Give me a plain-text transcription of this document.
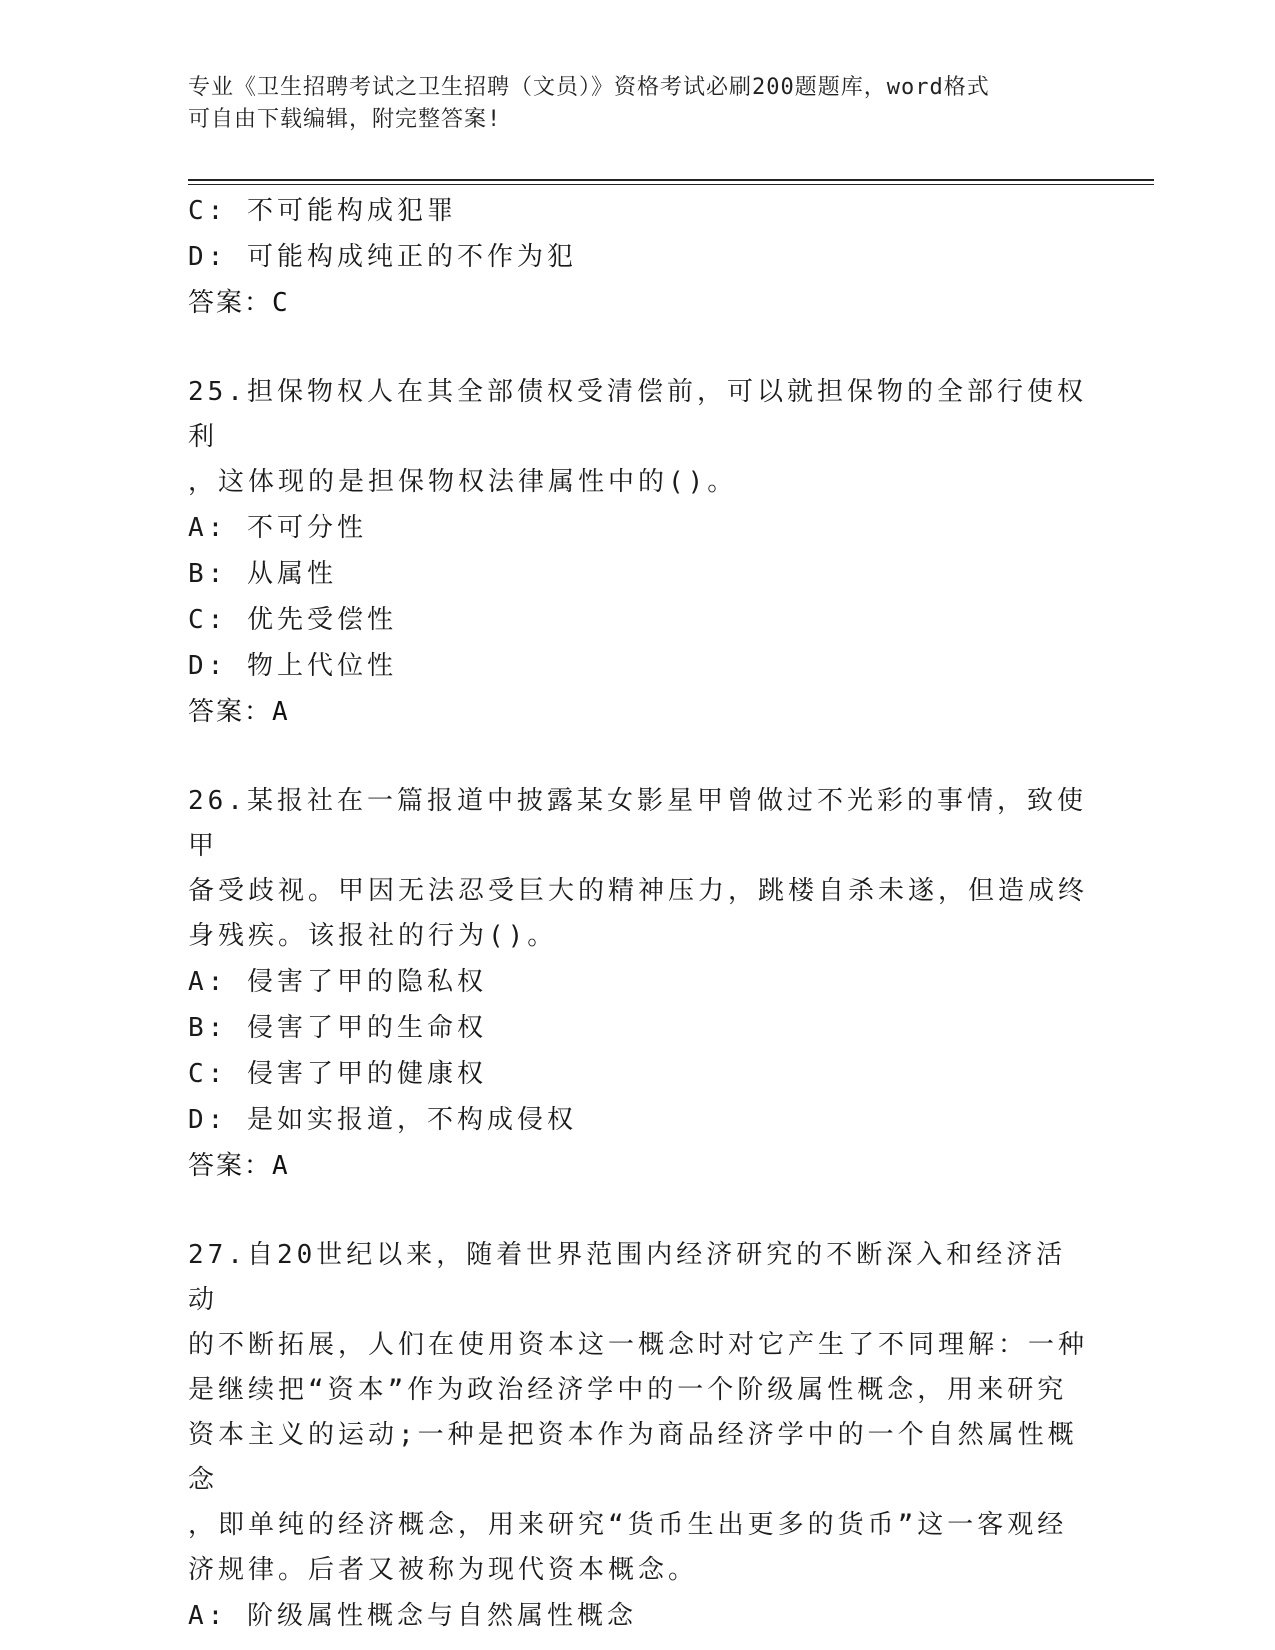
专业《卫生招聘考试之卫生招聘（文员）》资格考试必刷200题题库，word格式
可自由下载编辑，附完整答案!
C: 不可能构成犯罪
D: 可能构成纯正的不作为犯
答案：C
25.担保物权人在其全部债权受清偿前，可以就担保物的全部行使权利
，这体现的是担保物权法律属性中的()。
A: 不可分性
B: 从属性
C: 优先受偿性
D: 物上代位性
答案：A
26.某报社在一篇报道中披露某女影星甲曾做过不光彩的事情，致使甲
备受歧视。甲因无法忍受巨大的精神压力，跳楼自杀未遂，但造成终
身残疾。该报社的行为()。
A: 侵害了甲的隐私权
B: 侵害了甲的生命权
C: 侵害了甲的健康权
D: 是如实报道，不构成侵权
答案：A
27.自20世纪以来，随着世界范围内经济研究的不断深入和经济活动
的不断拓展，人们在使用资本这一概念时对它产生了不同理解：一种
是继续把“资本”作为政治经济学中的一个阶级属性概念，用来研究
资本主义的运动;一种是把资本作为商品经济学中的一个自然属性概念
，即单纯的经济概念，用来研究“货币生出更多的货币”这一客观经
济规律。后者又被称为现代资本概念。
A: 阶级属性概念与自然属性概念
